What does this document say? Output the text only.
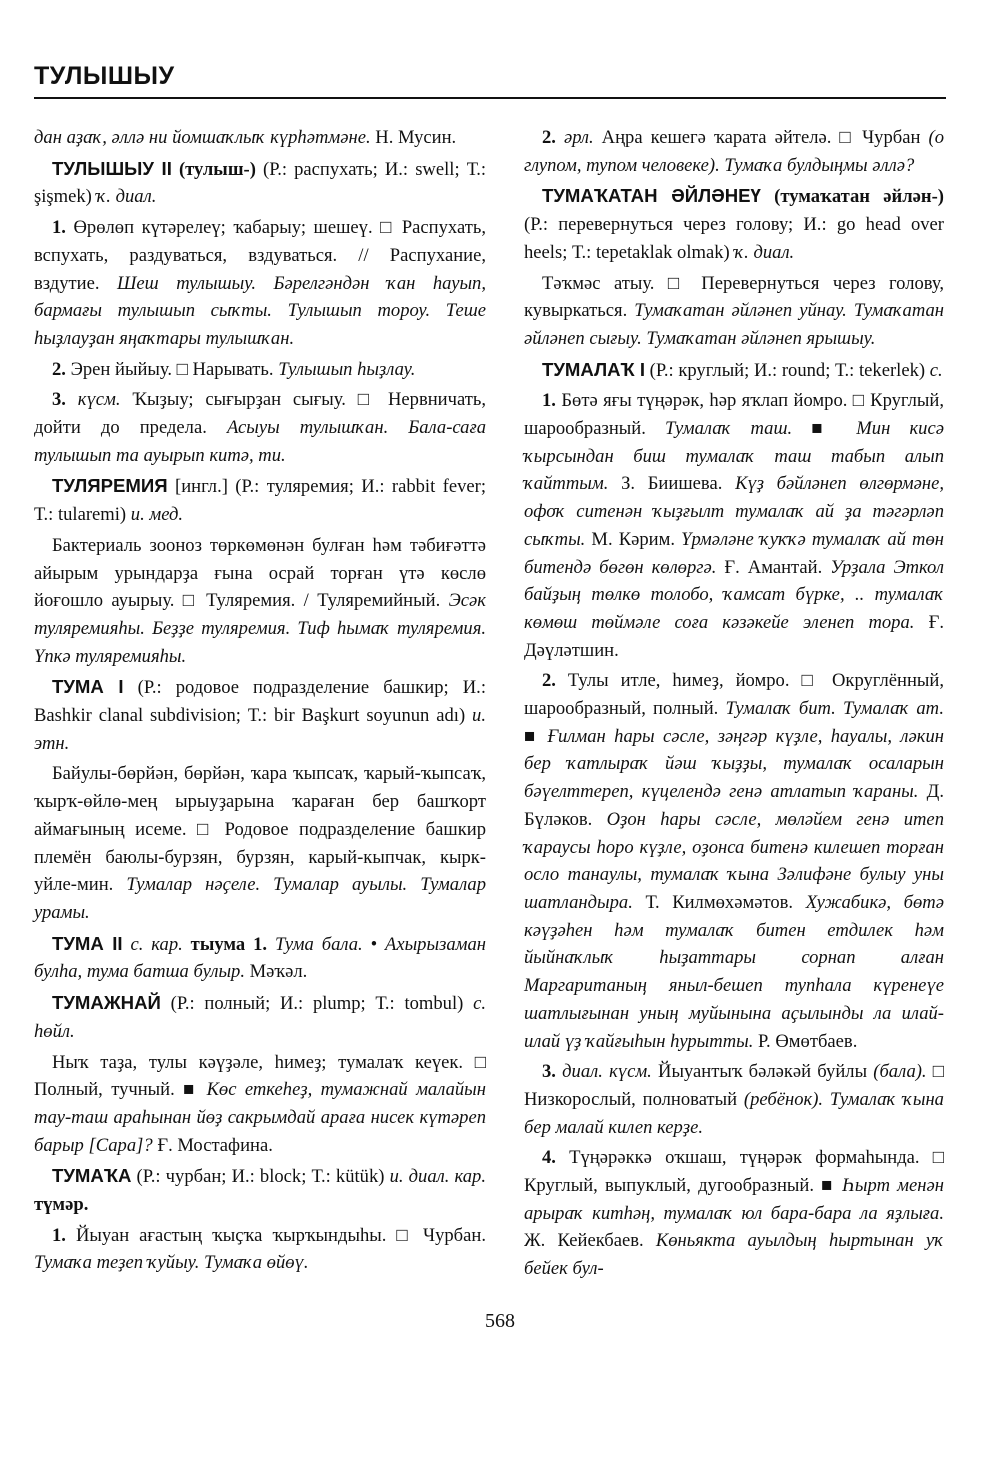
ТУЛЫШЫУ

дан аҙаҡ, әллә ни йомшаҡлыҡ күрһәтмәне. Н. Мусин.

ТУЛЫШЫУ II (тулыш-) (Р.: распухать; И.: swell; Т.: şişmek) ҡ. диал.

1. Өрөлөп күтәрелеү; ҡабарыу; шешеү. □ Распухать, вспухать, раздуваться, вздуваться. // Распухание, вздутие. Шеш тулышыу. Бәрелгәндән ҡан һауып, бармағы тулышып сыҡты. Тулышып тороу. Теше һыҙлауҙан яңаҡтары тулышҡан.

2. Эрен йыйыу. □ Нарывать. Тулышып һыҙлау.

3. күсм. Ҡыҙыу; сығырҙан сығыу. □ Нервничать, дойти до предела. Асыуы тулышҡан. Бала-саға тулышып та ауырып китә, ти.

ТУЛЯРЕМИЯ [ингл.] (Р.: туляремия; И.: rabbit fever; Т.: tularemi) и. мед.

Бактериаль зооноз төркөмөнән булған һәм тәбиғәттә айырым урындарҙа ғына осрай торған үтә көслө йоғошло ауырыу. □ Туляремия. / Туляремийный. Эсәк туляремияһы. Беҙҙе туляремия. Тиф һымаҡ туляремия. Үпкә туляремияһы.

ТУМА I (Р.: родовое подразделение башкир; И.: Bashkir clanal subdivision; Т.: bir Başkurt soyunun adı) и. этн.

Байулы-бөрйән, бөрйән, ҡара ҡыпсаҡ, ҡарый-ҡыпсаҡ, ҡырҡ-өйлө-мең ырыуҙарына ҡараған бер башҡорт аймағының исеме. □ Родовое подразделение башкир племён баюлы-бурзян, бурзян, карый-кыпчак, кырк-уйле-мин. Тумалар нәҫеле. Тумалар ауылы. Тумалар урамы.

ТУМА II с. кар. тыума 1. Тума бала. • Ахырызаман булһа, тума батша булыр. Мәҡәл.

ТУМАЖНАЙ (Р.: полный; И.: plump; Т.: tombul) с. һөйл.

Ныҡ таҙа, тулы кәүҙәле, һимеҙ; тумалаҡ кеүек. □ Полный, тучный. ■ Көс еткеһеҙ, тумажнай малайын тау-таш араһынан йөҙ сакрымдай араға нисек күтәреп барыр [Сара]? Ғ. Мостафина.

ТУМАҠА (Р.: чурбан; И.: block; Т.: kütük) и. диал. кар. түмәр.

1. Йыуан ағастың ҡыҫҡа ҡырҡындыһы. □ Чурбан. Тумаҡа теҙеп ҡуйыу. Тумаҡа өйөү.

2. әрл. Аңра кешегә ҡарата әйтелә. □ Чурбан (о глупом, тупом человеке). Тумаҡа булдыңмы әллә?

ТУМАҠАТАН ӘЙЛӘНЕҮ (тумаҡатан әйлән-) (Р.: перевернуться через голову; И.: go head over heels; Т.: tepetaklak olmak) ҡ. диал.

Тәҡмәс атыу. □ Перевернуться через голову, кувыркаться. Тумаҡатан әйләнеп уйнау. Тумаҡатан әйләнеп сығыу. Тумаҡатан әйләнеп ярышыу.

ТУМАЛАҠ I (Р.: круглый; И.: round; Т.: tekerlek) с.

1. Бөтә яғы түңәрәк, һәр яҡлап йомро. □ Круглый, шарообразный. Тумалаҡ таш. ■ Мин кисә ҡырсындан биш тумалаҡ таш табып алып ҡайттым. З. Биишева. Күҙ бәйләнеп өлгөрмәне, офоҡ ситенән ҡыҙғылт тумалаҡ ай ҙа тәгәрләп сыҡты. М. Кәрим. Үрмәләне ҡуҡҡә тумалаҡ ай төн битендә бөгөн көлөргә. Ғ. Амантай. Урҙала Эткол байҙың төлкө толобо, ҡамсат бүрке, .. тумалаҡ көмөш төймәле соға кәзәкейе эленеп тора. Ғ. Дәүләтшин.

2. Тулы итле, һимеҙ, йомро. □ Округлённый, шарообразный, полный. Тумалаҡ бит. Тумалаҡ ат. ■ Ғилман һары сәсле, зәңгәр күҙле, һауалы, ләкин бер ҡатлыраҡ йәш ҡыҙҙы, тумалаҡ осаларын бәүелттереп, күцелендә генә атлатып ҡараны. Д. Бүләков. Оҙон һары сәсле, мөләйем генә итеп ҡараусы һоро күҙле, оҙонса битенә килешеп торған осло танаулы, тумалаҡ ҡына Зәлифәне булыу уны шатландыра. Т. Килмөхәмәтов. Хужабикә, бөтә кәүҙәһен һәм тумалаҡ битен етдилек һәм йыйнаҡлыҡ һыҙаттары сорнап алған Маргаританың яныл-бешеп тупһала күренеүе шатлығынан уның муйынына аҫылынды ла илай-илай үҙ ҡайғыһын һурытты. Р. Өмөтбаев.

3. диал. күсм. Йыуантыҡ бәләкәй буйлы (бала). □ Низкорослый, полноватый (ребёнок). Тумалаҡ ҡына бер малай килеп керҙе.

4. Түңәрәккә оҡшаш, түңәрәк формаһында. □ Круглый, выпуклый, дугообразный. ■ Һырт менән арыраҡ китһәң, тумалаҡ юл бара-бара ла яҙлыға. Ж. Кейекбаев. Көньякта ауылдың һыртынан уҡ бейек бул-

568
